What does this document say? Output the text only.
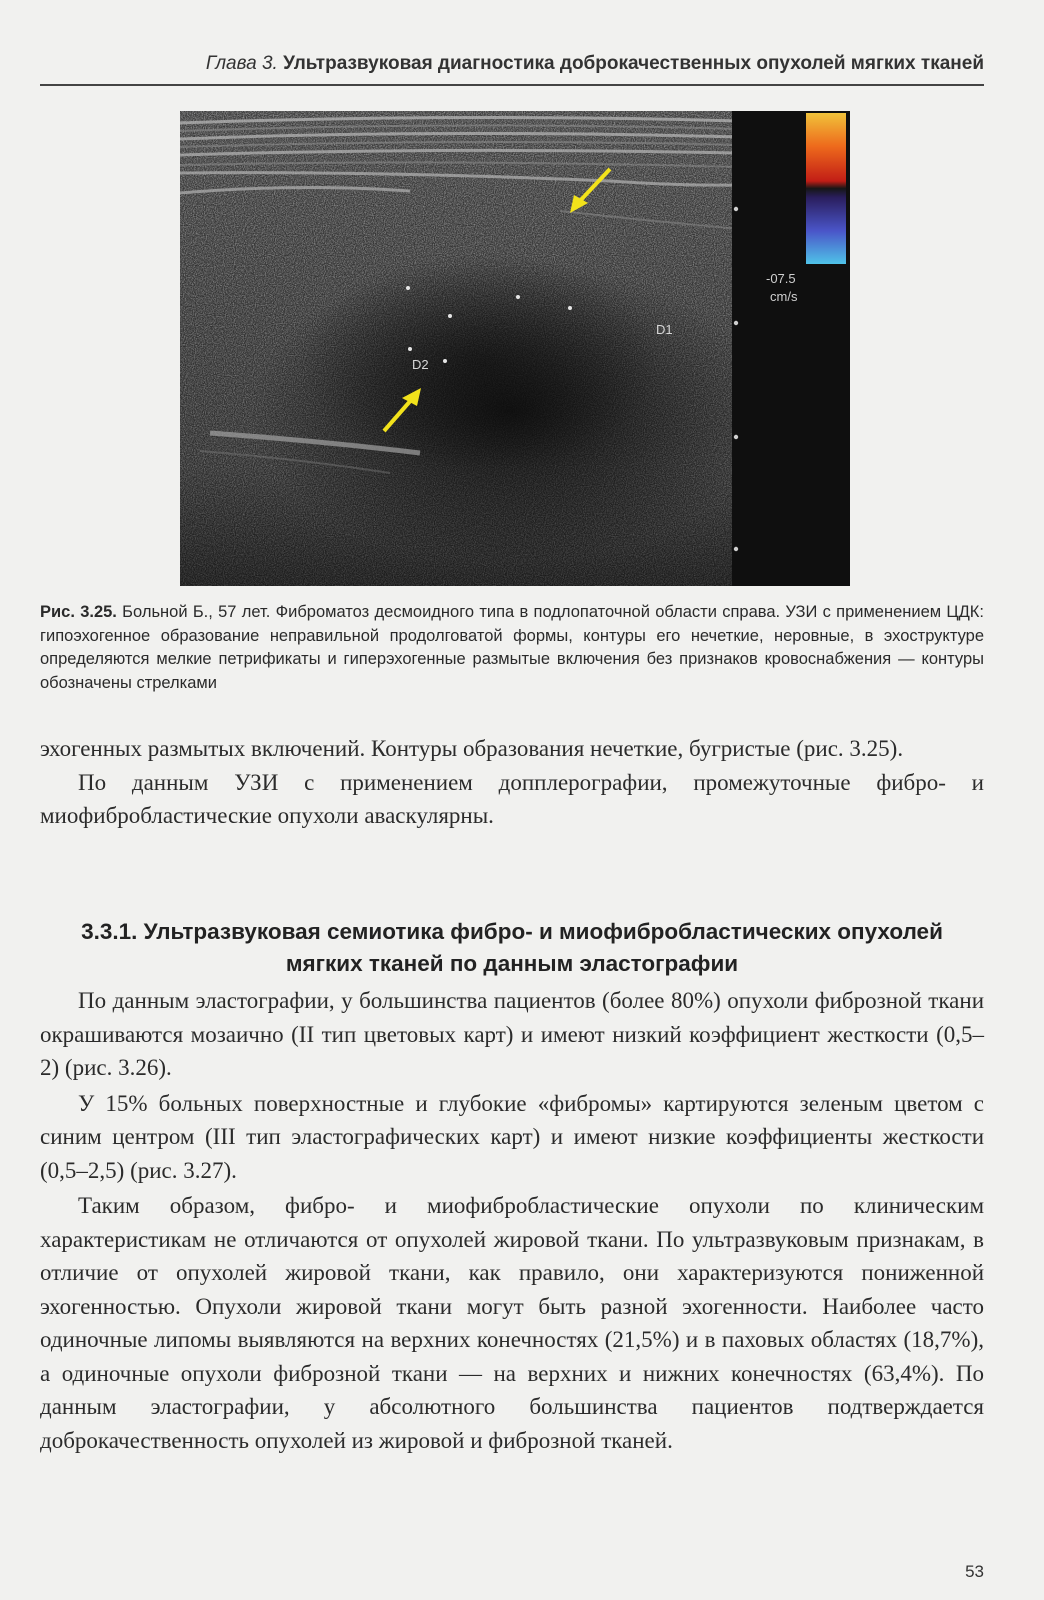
Глава 3. Ультразвуковая диагностика доброкачественных опухолей мягких тканей
D1
D2
-07.5
cm/s
Рис. 3.25. Больной Б., 57 лет. Фиброматоз десмоидного типа в подлопаточной области справа. УЗИ с применением ЦДК: гипоэхогенное образование неправильной продолговатой формы, контуры его нечеткие, неровные, в эхоструктуре определяются мелкие петрификаты и гиперэхогенные размытые включения без признаков кровоснабжения — контуры обозначены стрелками

эхогенных размытых включений. Контуры образования нечеткие, бугристые (рис. 3.25).

По данным УЗИ с применением допплерографии, промежуточные фибро- и миофибробластические опухоли аваскулярны.

3.3.1. Ультразвуковая семиотика фибро- и миофибробластических опухолей мягких тканей по данным эластографии

По данным эластографии, у большинства пациентов (более 80%) опухоли фиброзной ткани окрашиваются мозаично (II тип цветовых карт) и имеют низкий коэффициент жесткости (0,5–2) (рис. 3.26).

У 15% больных поверхностные и глубокие «фибромы» картируются зеленым цветом с синим центром (III тип эластографических карт) и имеют низкие коэффициенты жесткости (0,5–2,5) (рис. 3.27).

Таким образом, фибро- и миофибробластические опухоли по клиническим характеристикам не отличаются от опухолей жировой ткани. По ультразвуковым признакам, в отличие от опухолей жировой ткани, как правило, они характеризуются пониженной эхогенностью. Опухоли жировой ткани могут быть разной эхогенности. Наиболее часто одиночные липомы выявляются на верхних конечностях (21,5%) и в паховых областях (18,7%), а одиночные опухоли фиброзной ткани — на верхних и нижних конечностях (63,4%). По данным эластографии, у абсолютного большинства пациентов подтверждается доброкачественность опухолей из жировой и фиброзной тканей.

53
